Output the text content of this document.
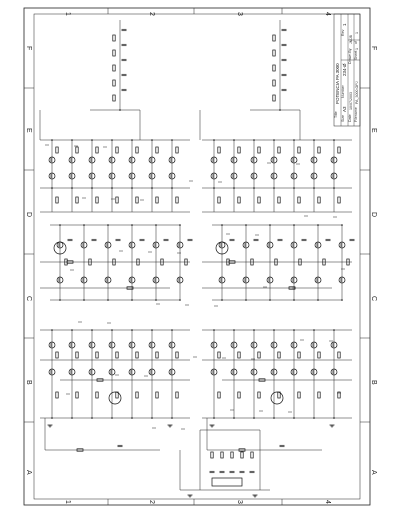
1	2	3	4
1	2	3	4
F
E
D
C
B
A
F
E
D
C
B
A
Title
POTENCIA PA 3000
Size
A3
Number
234-Ø
Rev
1
Date
10/07/2003
Drawn By
JMJB
Filename
PA_3000.OPJ
Sheet
1
of
1
